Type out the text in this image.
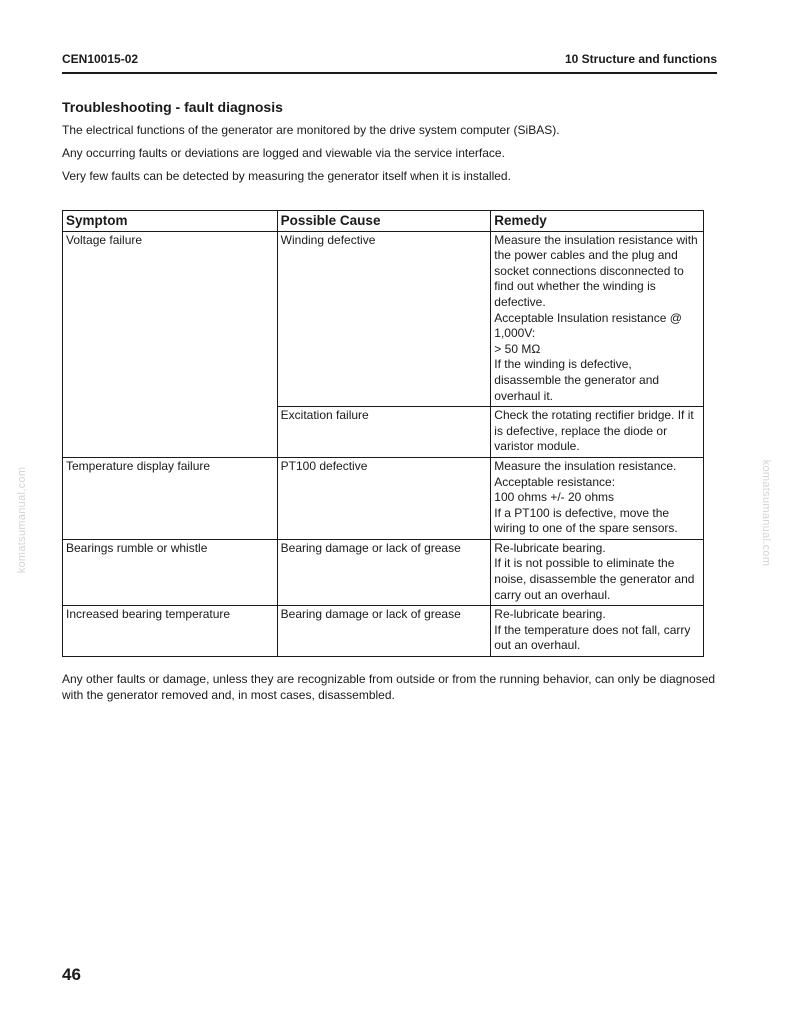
CEN10015-02	10 Structure and functions
Troubleshooting - fault diagnosis

The electrical functions of the generator are monitored by the drive system computer (SiBAS).

Any occurring faults or deviations are logged and viewable via the service interface.

Very few faults can be detected by measuring the generator itself when it is installed.

Symptom	Possible Cause	Remedy
Voltage failure	Winding defective	Measure the insulation resistance with the power cables and the plug and socket connections disconnected to find out whether the winding is defective.
Acceptable Insulation resistance @ 1,000V:
> 50 MΩ
If the winding is defective, disassemble the generator and overhaul it.

	Excitation failure	Check the rotating rectifier bridge. If it is defective, replace the diode or varistor module.

Temperature display failure	PT100 defective	Measure the insulation resistance.
Acceptable resistance:
100 ohms +/- 20 ohms
If a PT100 is defective, move the wiring to one of the spare sensors.

Bearings rumble or whistle	Bearing damage or lack of grease	Re-lubricate bearing.
If it is not possible to eliminate the noise, disassemble the generator and carry out an overhaul.

Increased bearing temperature	Bearing damage or lack of grease	Re-lubricate bearing.
If the temperature does not fall, carry out an overhaul.
Any other faults or damage, unless they are recognizable from outside or from the running behavior, can only be diagnosed with the generator removed and, in most cases, disassembled.
46
komatsumanual.com	komatsumanual.com
